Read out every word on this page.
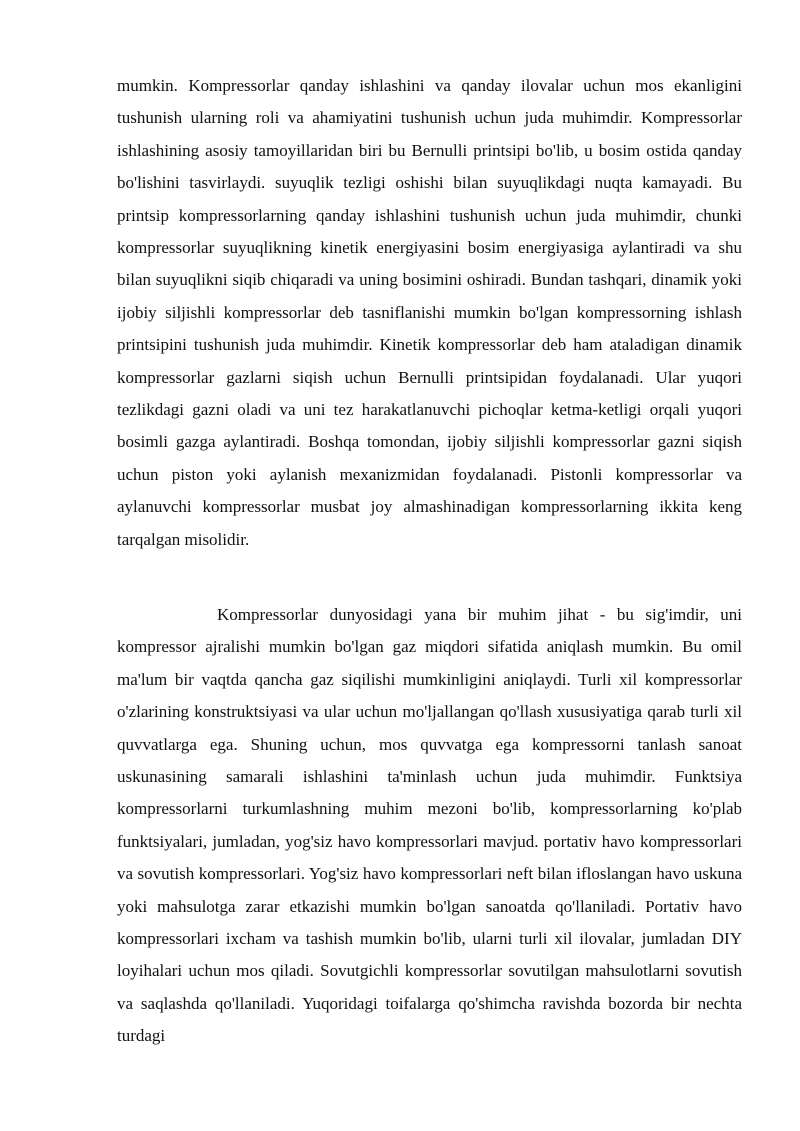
mumkin. Kompressorlar qanday ishlashini va qanday ilovalar uchun mos ekanligini tushunish ularning roli va ahamiyatini tushunish uchun juda muhimdir. Kompressorlar ishlashining asosiy tamoyillaridan biri bu Bernulli printsipi bo'lib, u bosim ostida qanday bo'lishini tasvirlaydi. suyuqlik tezligi oshishi bilan suyuqlikdagi nuqta kamayadi. Bu printsip kompressorlarning qanday ishlashini tushunish uchun juda muhimdir, chunki kompressorlar suyuqlikning kinetik energiyasini bosim energiyasiga aylantiradi va shu bilan suyuqlikni siqib chiqaradi va uning bosimini oshiradi. Bundan tashqari, dinamik yoki ijobiy siljishli kompressorlar deb tasniflanishi mumkin bo'lgan kompressorning ishlash printsipini tushunish juda muhimdir. Kinetik kompressorlar deb ham ataladigan dinamik kompressorlar gazlarni siqish uchun Bernulli printsipidan foydalanadi. Ular yuqori tezlikdagi gazni oladi va uni tez harakatlanuvchi pichoqlar ketma-ketligi orqali yuqori bosimli gazga aylantiradi. Boshqa tomondan, ijobiy siljishli kompressorlar gazni siqish uchun piston yoki aylanish mexanizmidan foydalanadi. Pistonli kompressorlar va aylanuvchi kompressorlar musbat joy almashinadigan kompressorlarning ikkita keng tarqalgan misolidir.

Kompressorlar dunyosidagi yana bir muhim jihat - bu sig'imdir, uni kompressor ajralishi mumkin bo'lgan gaz miqdori sifatida aniqlash mumkin. Bu omil ma'lum bir vaqtda qancha gaz siqilishi mumkinligini aniqlaydi. Turli xil kompressorlar o'zlarining konstruktsiyasi va ular uchun mo'ljallangan qo'llash xususiyatiga qarab turli xil quvvatlarga ega. Shuning uchun, mos quvvatga ega kompressorni tanlash sanoat uskunasining samarali ishlashini ta'minlash uchun juda muhimdir. Funktsiya kompressorlarni turkumlashning muhim mezoni bo'lib, kompressorlarning ko'plab funktsiyalari, jumladan, yog'siz havo kompressorlari mavjud. portativ havo kompressorlari va sovutish kompressorlari. Yog'siz havo kompressorlari neft bilan ifloslangan havo uskuna yoki mahsulotga zarar etkazishi mumkin bo'lgan sanoatda qo'llaniladi. Portativ havo kompressorlari ixcham va tashish mumkin bo'lib, ularni turli xil ilovalar, jumladan DIY loyihalari uchun mos qiladi. Sovutgichli kompressorlar sovutilgan mahsulotlarni sovutish va saqlashda qo'llaniladi. Yuqoridagi toifalarga qo'shimcha ravishda bozorda bir nechta turdagi
